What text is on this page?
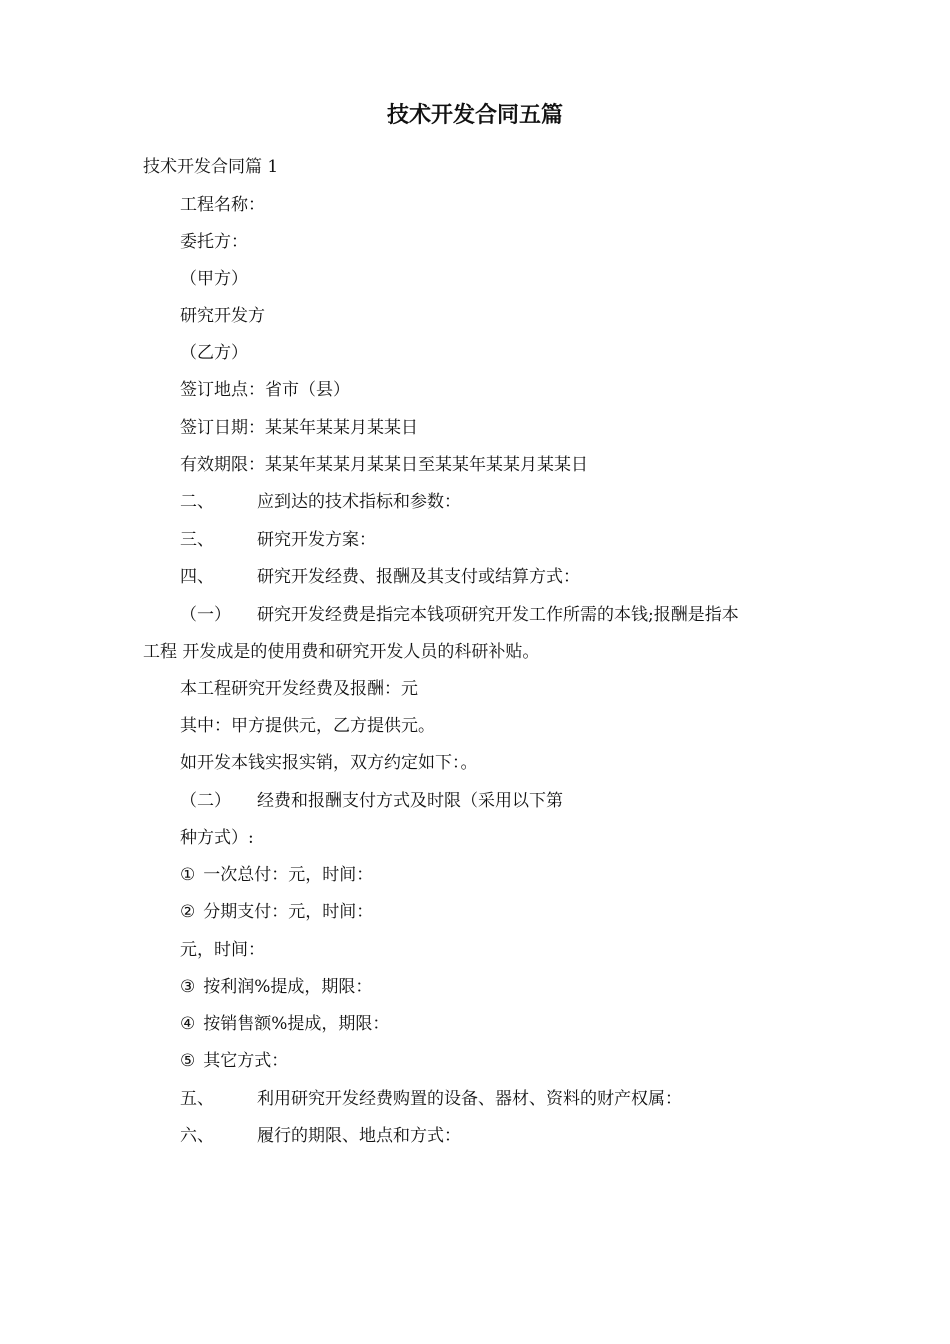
技术开发合同五篇
技术开发合同篇 1
工程名称：
委托方：
（甲方）
研究开发方
（乙方）
签订地点：省市（县）
签订日期：某某年某某月某某日
有效期限：某某年某某月某某日至某某年某某月某某日
二、	应到达的技术指标和参数：
三、	研究开发方案：
四、	研究开发经费、报酬及其支付或结算方式：
（一） 研究开发经费是指完本钱项研究开发工作所需的本钱;报酬是指本
工程 开发成是的使用费和研究开发人员的科研补贴。
本工程研究开发经费及报酬：元
其中：甲方提供元，乙方提供元。
如开发本钱实报实销，双方约定如下：。
（二） 经费和报酬支付方式及时限（采用以下第
种方式）:
① 一次总付：元，时间：
② 分期支付：元，时间：
元，时间：
③ 按利润%提成，期限：
④ 按销售额%提成，期限：
⑤ 其它方式：
五、	利用研究开发经费购置的设备、器材、资料的财产权属：
六、	履行的期限、地点和方式：
